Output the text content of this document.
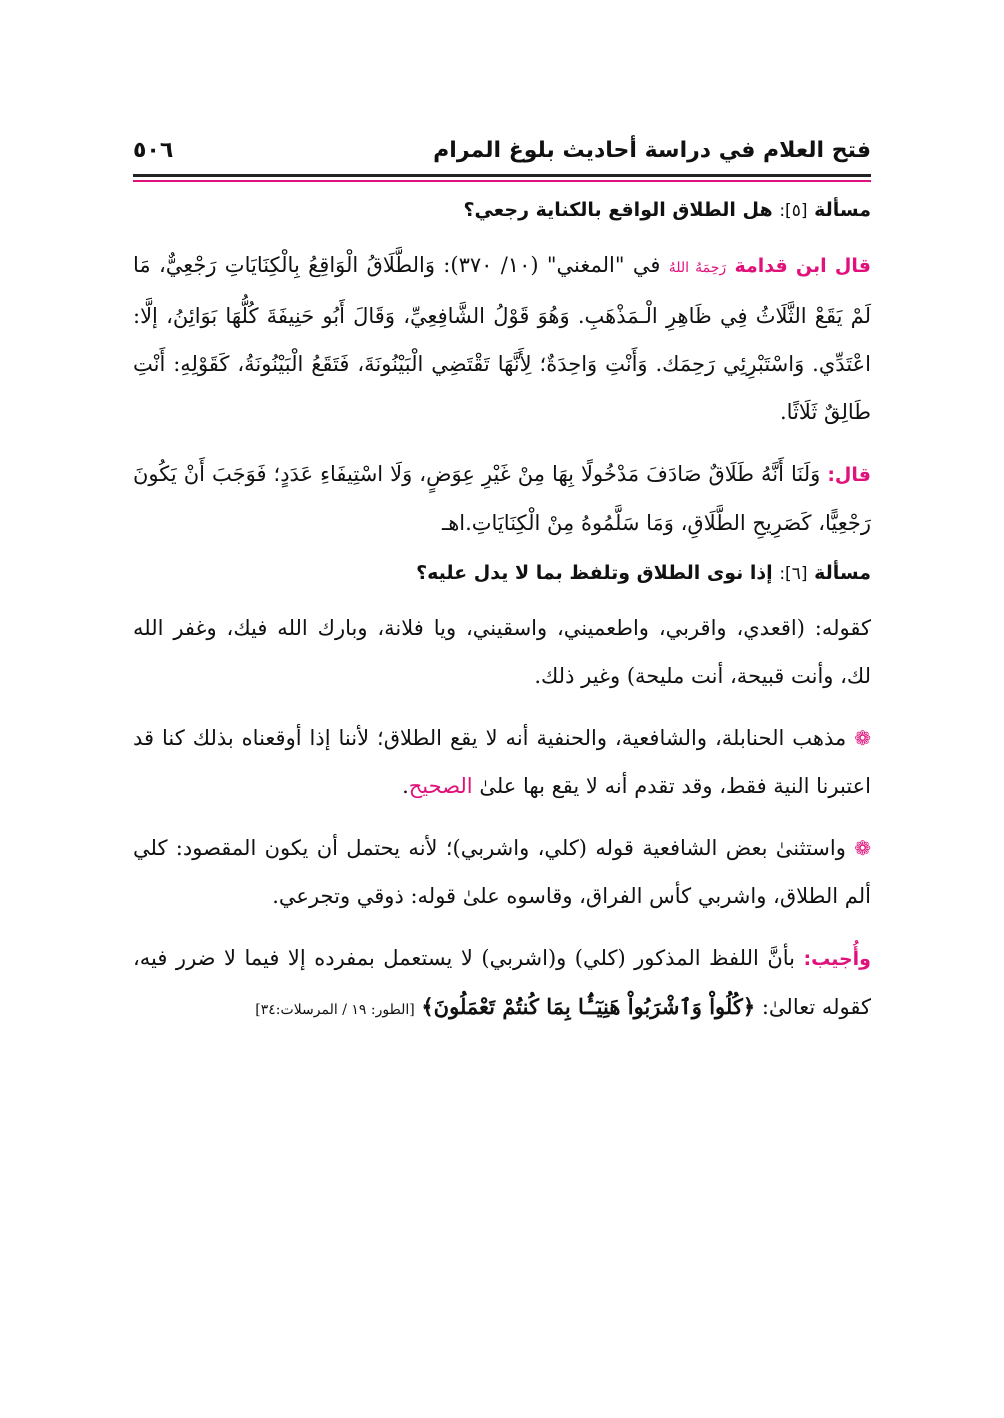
فتح العلام في دراسة أحاديث بلوغ المرام
٥٠٦
مسألة [٥]: هل الطلاق الواقع بالكناية رجعي؟

قال ابن قدامة رَحِمَهُ اللهُ في "المغني" (١٠/ ٣٧٠): وَالطَّلَاقُ الْوَاقِعُ بِالْكِنَايَاتِ رَجْعِيٌّ، مَا لَمْ يَقَعْ الثَّلَاثُ فِي ظَاهِرِ الْـمَذْهَبِ. وَهُوَ قَوْلُ الشَّافِعِيِّ، وَقَالَ أَبُو حَنِيفَةَ كُلُّهَا بَوَائِنُ، إلَّا: اعْتَدِّي. وَاسْتَبْرِئِي رَحِمَك. وَأَنْتِ وَاحِدَةٌ؛ لِأَنَّهَا تَقْتَضِي الْبَيْنُونَةَ، فَتَقَعُ الْبَيْنُونَةُ، كَقَوْلِهِ: أَنْتِ طَالِقٌ ثَلَاثًا.

قال: وَلَنَا أَنَّهُ طَلَاقٌ صَادَفَ مَدْخُولًا بِهَا مِنْ غَيْرِ عِوَضٍ، وَلَا اسْتِيفَاءِ عَدَدٍ؛ فَوَجَبَ أَنْ يَكُونَ رَجْعِيًّا، كَصَرِيحِ الطَّلَاقِ، وَمَا سَلَّمُوهُ مِنْ الْكِنَايَاتِ.اهـ

مسألة [٦]: إذا نوى الطلاق وتلفظ بما لا يدل عليه؟

كقوله: (اقعدي، واقربي، واطعميني، واسقيني، ويا فلانة، وبارك الله فيك، وغفر الله لك، وأنت قبيحة، أنت مليحة) وغير ذلك.

❁ مذهب الحنابلة، والشافعية، والحنفية أنه لا يقع الطلاق؛ لأننا إذا أوقعناه بذلك كنا قد اعتبرنا النية فقط، وقد تقدم أنه لا يقع بها علىٰ الصحيح.

❁ واستثنىٰ بعض الشافعية قوله (كلي، واشربي)؛ لأنه يحتمل أن يكون المقصود: كلي ألم الطلاق، واشربي كأس الفراق، وقاسوه علىٰ قوله: ذوقي وتجرعي.

وأُجيب: بأنَّ اللفظ المذكور (كلي) و(اشربي) لا يستعمل بمفرده إلا فيما لا ضرر فيه، كقوله تعالىٰ: ﴿كُلُواْ وَٱشْرَبُواْ هَنِيٓـَٔۢا بِمَا كُنتُمْ تَعْمَلُونَ﴾ [الطور: ١٩ / المرسلات:٣٤]
